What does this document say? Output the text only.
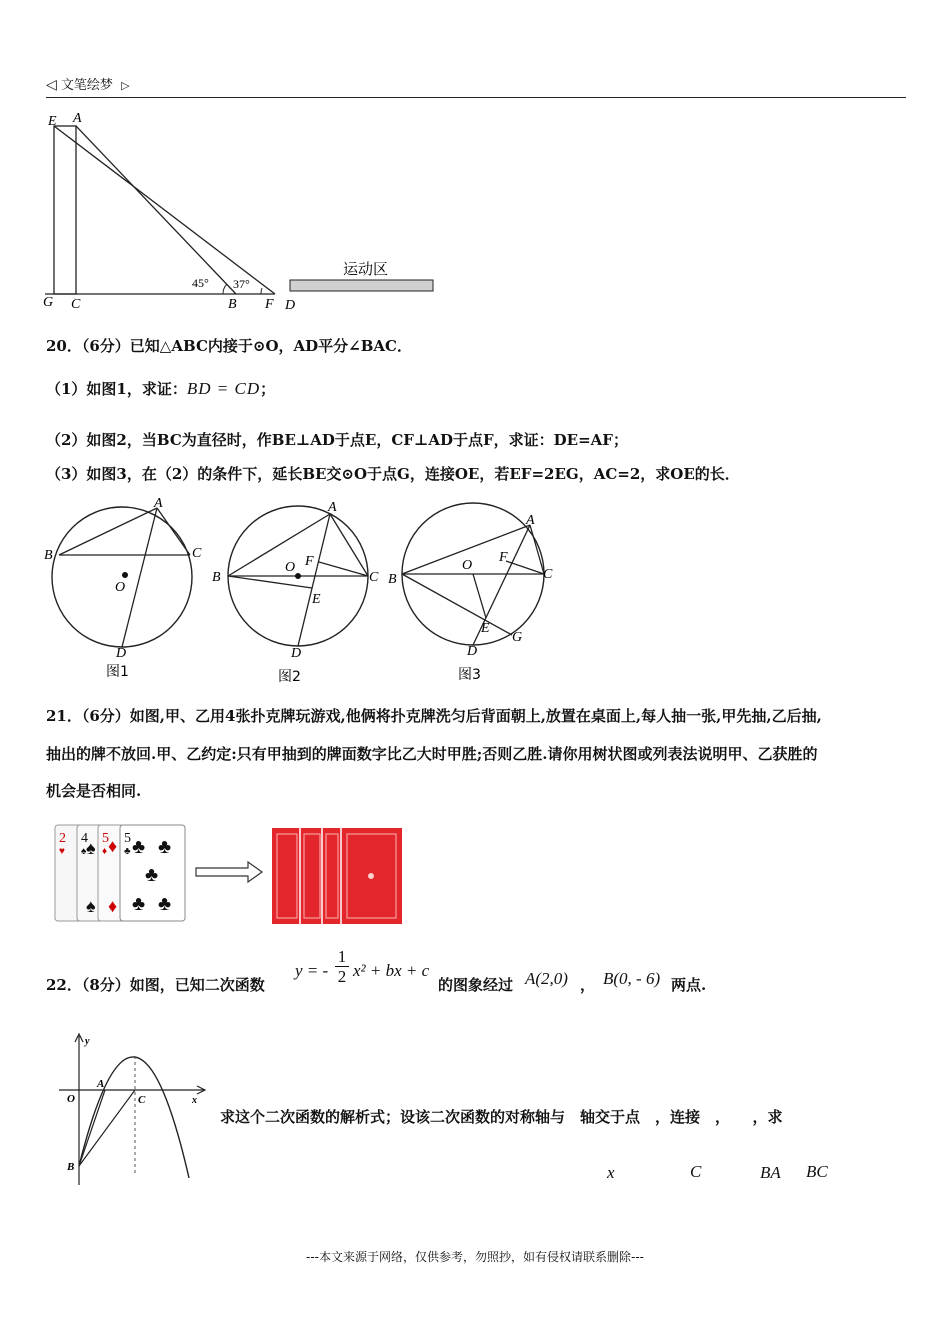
◁ 文笔绘梦 ▷
E A
G C
45° 37°
B F D
运动区
20．（6分）已知△ABC内接于⊙O，AD平分∠BAC．
（1）如图1，求证：BD = CD；
（2）如图2，当BC为直径时，作BE⊥AD于点E，CF⊥AD于点F，求证：DE=AF；
（3）如图3，在（2）的条件下，延长BE交⊙O于点G，连接OE，若EF=2EG，AC=2，求OE的长．
A
B	C
O
D
图1
A
B	C
O F
E
D
图2
A
B	C
O
F
E
G
D
图3
21．（6分）如图,甲、乙用4张扑克牌玩游戏,他俩将扑克牌洗匀后背面朝上,放置在桌面上,每人抽一张,甲先抽,乙后抽,
抽出的牌不放回.甲、乙约定:只有甲抽到的牌面数字比乙大时甲胜;否则乙胜.请你用树状图或列表法说明甲、乙获胜的
机会是否相同.
2
♥
4
♠ ♠
♠
5
♦ ♦
♦
5
♣ ♣ ♣
♣
♣ ♣
22．（8分）如图，已知二次函数
y = -
1
2 x² + bx + c
的图象经过 A(2,0) ， B(0, - 6) 两点.
y
O
A
C	x
B
求这个二次函数的解析式；设该二次函数的对称轴与　轴交于点　，连接　，　　，求
x	C	BA BC
---本文来源于网络，仅供参考，勿照抄，如有侵权请联系删除---
